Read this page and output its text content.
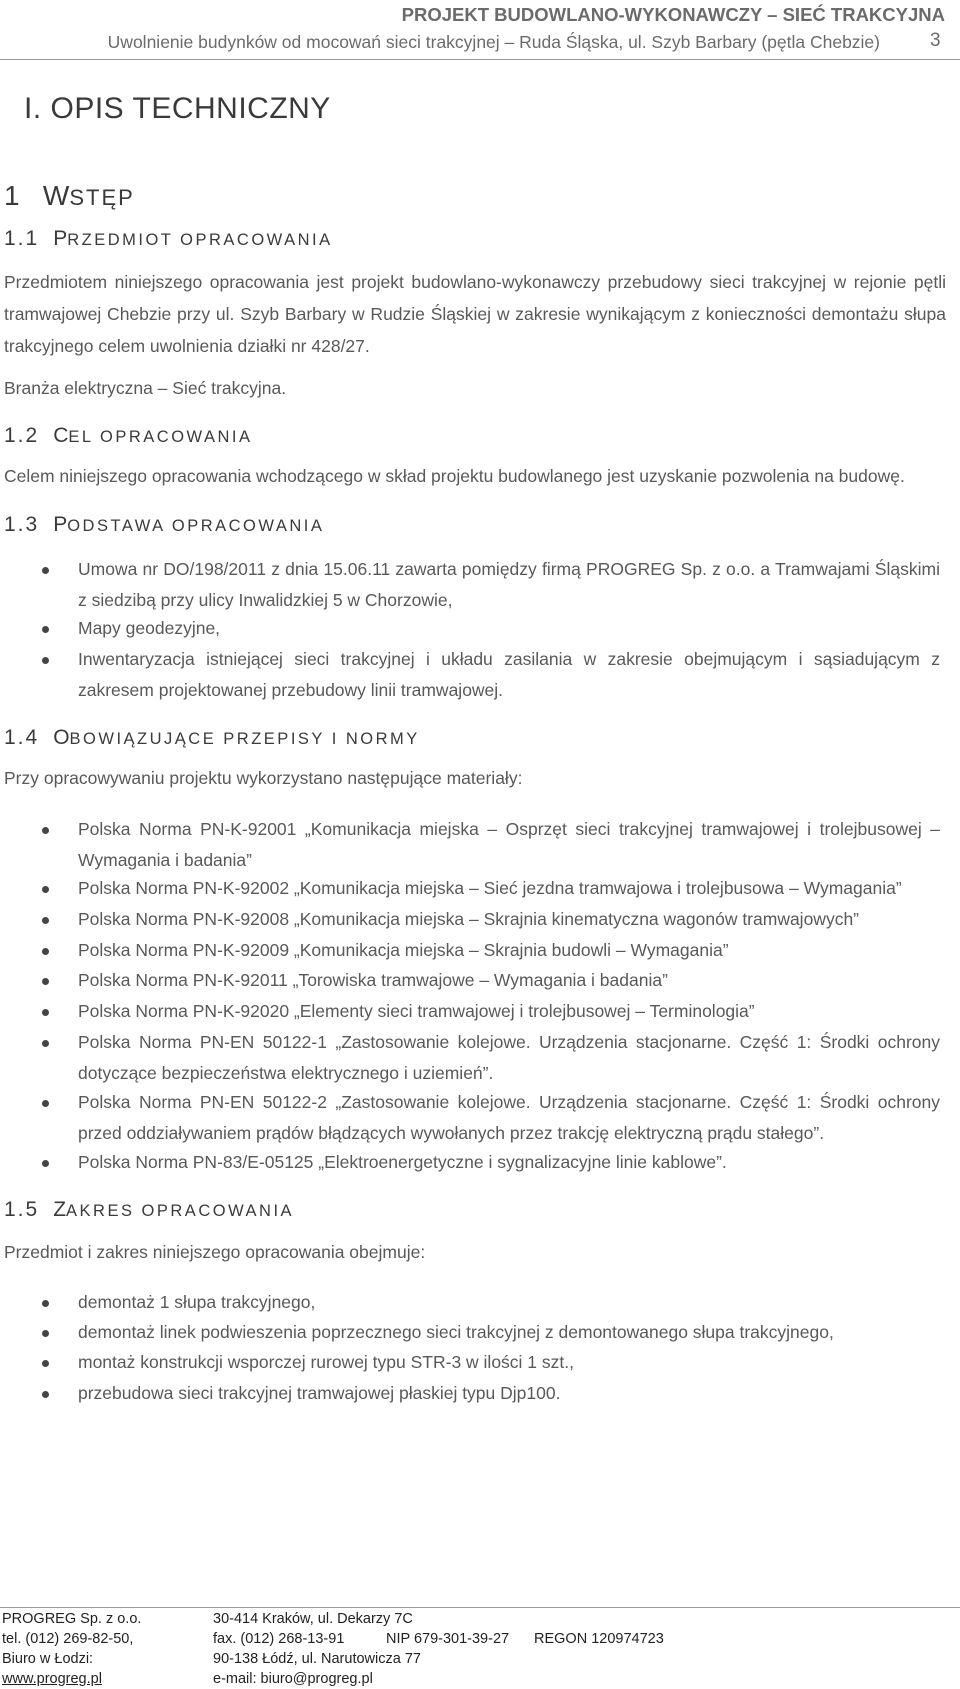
PROJEKT BUDOWLANO-WYKONAWCZY – SIEĆ TRAKCYJNA
Uwolnienie budynków od mocowań sieci trakcyjnej – Ruda Śląska, ul. Szyb Barbary (pętla Chebzie)	3
I. OPIS TECHNICZNY
1 WSTĘP
1.1 PRZEDMIOT OPRACOWANIA
Przedmiotem niniejszego opracowania jest projekt budowlano-wykonawczy przebudowy sieci trakcyjnej w rejonie pętli tramwajowej Chebzie przy ul. Szyb Barbary w Rudzie Śląskiej w zakresie wynikającym z konieczności demontażu słupa trakcyjnego celem uwolnienia działki nr 428/27.
Branża elektryczna – Sieć trakcyjna.
1.2 CEL OPRACOWANIA
Celem niniejszego opracowania wchodzącego w skład projektu budowlanego jest uzyskanie pozwolenia na budowę.
1.3 PODSTAWA OPRACOWANIA
Umowa nr DO/198/2011 z dnia 15.06.11 zawarta pomiędzy firmą PROGREG Sp. z o.o. a Tramwajami Śląskimi z siedzibą przy ulicy Inwalidzkiej 5 w Chorzowie,
Mapy geodezyjne,
Inwentaryzacja istniejącej sieci trakcyjnej i układu zasilania w zakresie obejmującym i sąsiadującym z zakresem projektowanej przebudowy linii tramwajowej.
1.4 OBOWIĄZUJĄCE PRZEPISY I NORMY
Przy opracowywaniu projektu wykorzystano następujące materiały:
Polska Norma PN-K-92001 „Komunikacja miejska – Osprzęt sieci trakcyjnej tramwajowej i trolejbusowej – Wymagania i badania”
Polska Norma PN-K-92002 „Komunikacja miejska – Sieć jezdna tramwajowa i trolejbusowa – Wymagania”
Polska Norma PN-K-92008 „Komunikacja miejska – Skrajnia kinematyczna wagonów tramwajowych”
Polska Norma PN-K-92009 „Komunikacja miejska – Skrajnia budowli – Wymagania”
Polska Norma PN-K-92011 „Torowiska tramwajowe – Wymagania i badania”
Polska Norma PN-K-92020 „Elementy sieci tramwajowej i trolejbusowej – Terminologia”
Polska Norma PN-EN 50122-1 „Zastosowanie kolejowe. Urządzenia stacjonarne. Część 1: Środki ochrony dotyczące bezpieczeństwa elektrycznego i uziemień”.
Polska Norma PN-EN 50122-2 „Zastosowanie kolejowe. Urządzenia stacjonarne. Część 1: Środki ochrony przed oddziaływaniem prądów błądzących wywołanych przez trakcję elektryczną prądu stałego”.
Polska Norma PN-83/E-05125 „Elektroenergetyczne i sygnalizacyjne linie kablowe”.
1.5 ZAKRES OPRACOWANIA
Przedmiot i zakres niniejszego opracowania obejmuje:
demontaż 1 słupa trakcyjnego,
demontaż linek podwieszenia poprzecznego sieci trakcyjnej z demontowanego słupa trakcyjnego,
montaż konstrukcji wsporczej rurowej typu STR-3 w ilości 1 szt.,
przebudowa sieci trakcyjnej tramwajowej płaskiej typu Djp100.
PROGREG Sp. z o.o.
tel. (012) 269-82-50,
Biuro w Łodzi:
www.progreg.pl
30-414 Kraków, ul. Dekarzy 7C
fax. (012) 268-13-91
90-138 Łódź, ul. Narutowicza 77
e-mail: biuro@progreg.pl
NIP 679-301-39-27 REGON 120974723
